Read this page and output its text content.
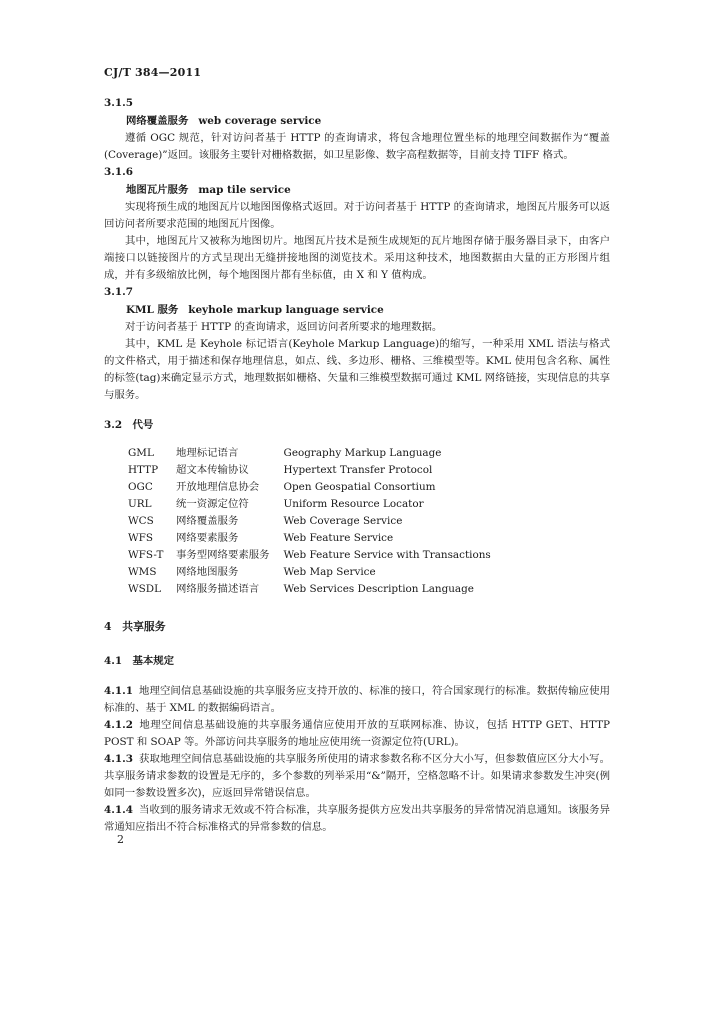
CJ/T 384—2011
3.1.5
网络覆盖服务 web coverage service

遵循 OGC 规范，针对访问者基于 HTTP 的查询请求，将包含地理位置坐标的地理空间数据作为“覆盖(Coverage)”返回。该服务主要针对栅格数据，如卫星影像、数字高程数据等，目前支持 TIFF 格式。

3.1.6
地图瓦片服务 map tile service

实现将预生成的地图瓦片以地图图像格式返回。对于访问者基于 HTTP 的查询请求，地图瓦片服务可以返回访问者所要求范围的地图瓦片图像。

其中，地图瓦片又被称为地图切片。地图瓦片技术是预生成规矩的瓦片地图存储于服务器目录下，由客户端接口以链接图片的方式呈现出无缝拼接地图的浏览技术。采用这种技术，地图数据由大量的正方形图片组成，并有多级缩放比例，每个地图图片都有坐标值，由 X 和 Y 值构成。

3.1.7
KML 服务 keyhole markup language service

对于访问者基于 HTTP 的查询请求，返回访问者所要求的地理数据。

其中，KML 是 Keyhole 标记语言(Keyhole Markup Language)的缩写，一种采用 XML 语法与格式的文件格式，用于描述和保存地理信息，如点、线、多边形、栅格、三维模型等。KML 使用包含名称、属性的标签(tag)来确定显示方式，地理数据如栅格、矢量和三维模型数据可通过 KML 网络链接，实现信息的共享与服务。

3.2　代号
GML	地理标记语言	Geography Markup Language
HTTP	超文本传输协议	Hypertext Transfer Protocol
OGC	开放地理信息协会	Open Geospatial Consortium
URL	统一资源定位符	Uniform Resource Locator
WCS	网络覆盖服务	Web Coverage Service
WFS	网络要素服务	Web Feature Service
WFS-T	事务型网络要素服务	Web Feature Service with Transactions
WMS	网络地图服务	Web Map Service
WSDL	网络服务描述语言	Web Services Description Language
4　共享服务
4.1　基本规定

4.1.1 地理空间信息基础设施的共享服务应支持开放的、标准的接口，符合国家现行的标准。数据传输应使用标准的、基于 XML 的数据编码语言。

4.1.2 地理空间信息基础设施的共享服务通信应使用开放的互联网标准、协议，包括 HTTP GET、HTTP POST 和 SOAP 等。外部访问共享服务的地址应使用统一资源定位符(URL)。

4.1.3 获取地理空间信息基础设施的共享服务所使用的请求参数名称不区分大小写，但参数值应区分大小写。共享服务请求参数的设置是无序的，多个参数的列举采用“&”隔开，空格忽略不计。如果请求参数发生冲突(例如同一参数设置多次)，应返回异常错误信息。

4.1.4 当收到的服务请求无效或不符合标准，共享服务提供方应发出共享服务的异常情况消息通知。该服务异常通知应指出不符合标准格式的异常参数的信息。

2
